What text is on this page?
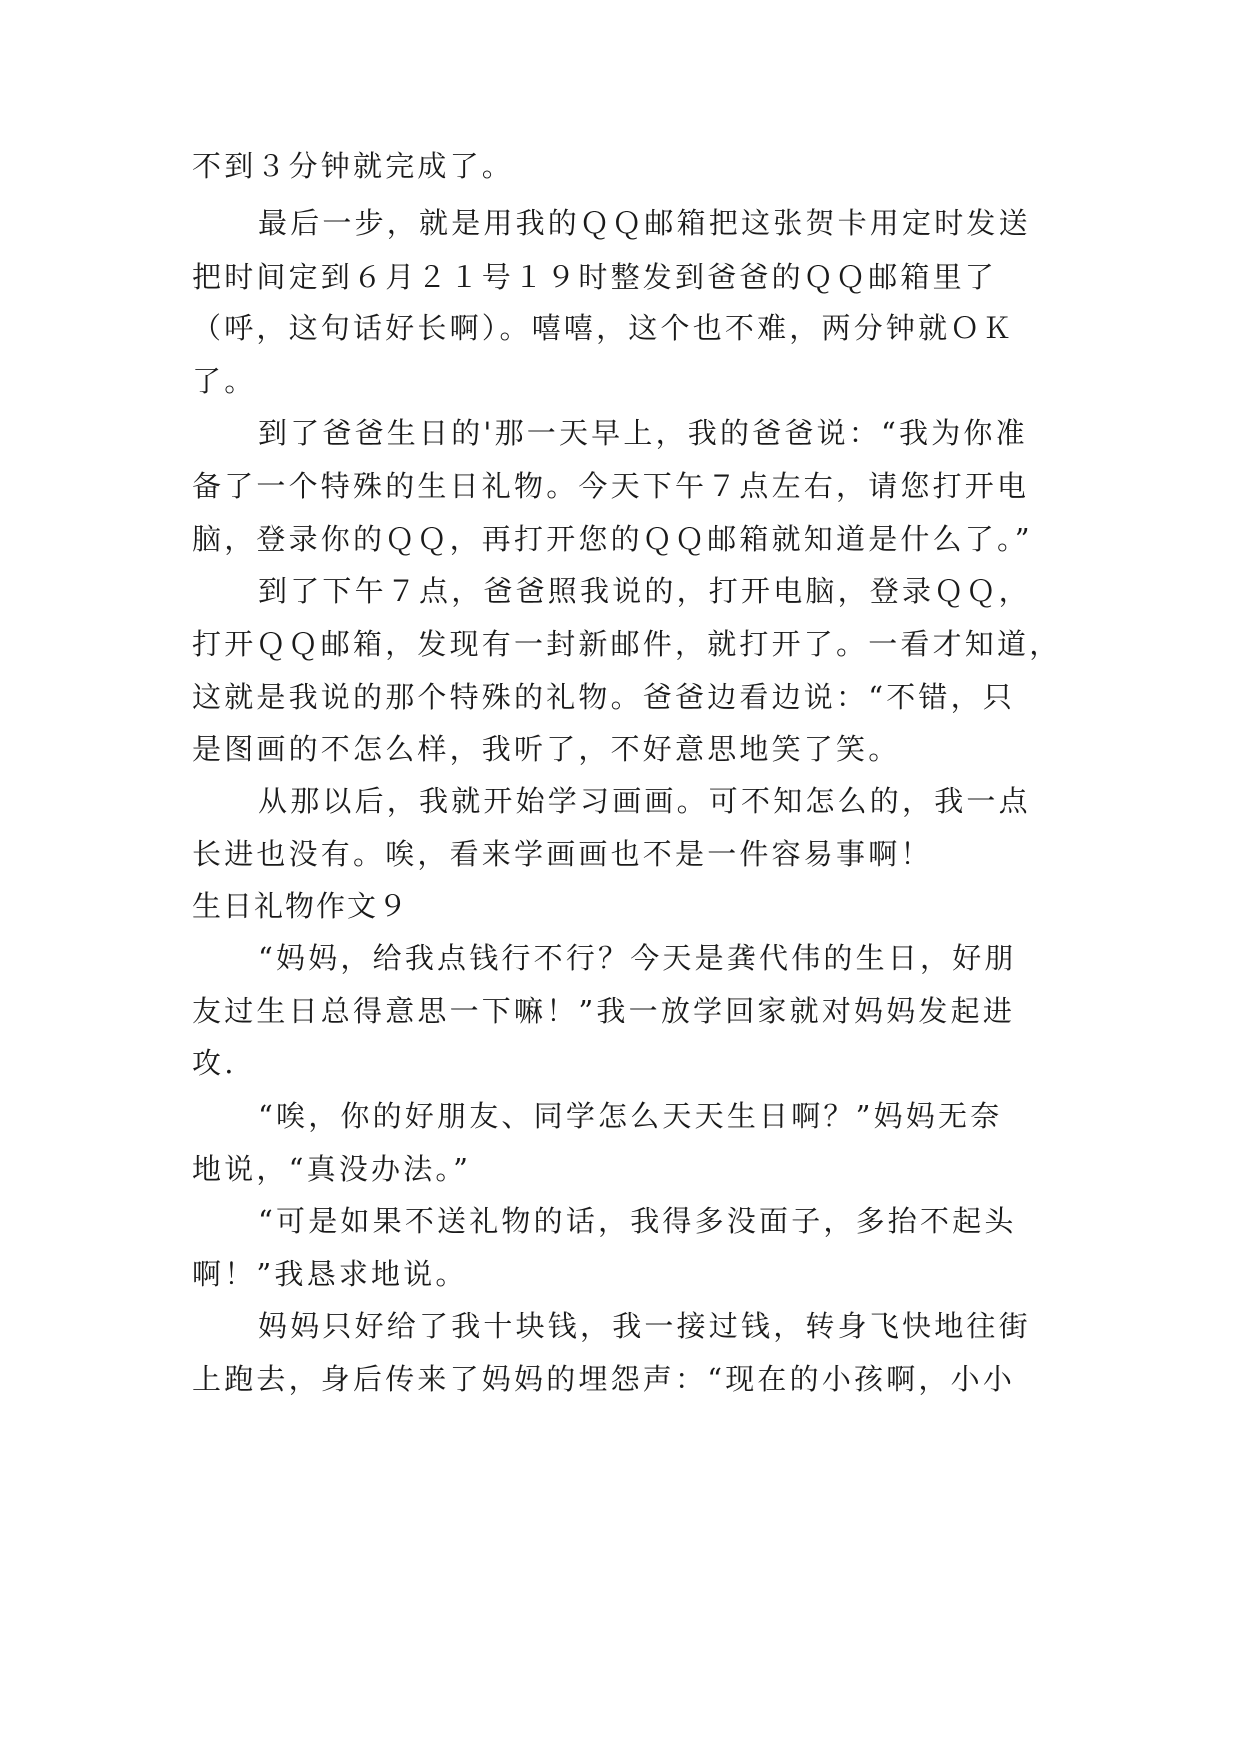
不到３分钟就完成了。
最后一步，就是用我的ＱＱ邮箱把这张贺卡用定时发送
把时间定到６月２１号１９时整发到爸爸的ＱＱ邮箱里了
（呼，这句话好长啊）。嘻嘻，这个也不难，两分钟就ＯＫ
了。
到了爸爸生日的'那一天早上，我的爸爸说：“我为你准
备了一个特殊的生日礼物。今天下午７点左右，请您打开电
脑，登录你的ＱＱ，再打开您的ＱＱ邮箱就知道是什么了。”
到了下午７点，爸爸照我说的，打开电脑，登录ＱＱ，
打开ＱＱ邮箱，发现有一封新邮件，就打开了。一看才知道，
这就是我说的那个特殊的礼物。爸爸边看边说：“不错，只
是图画的不怎么样，我听了，不好意思地笑了笑。
从那以后，我就开始学习画画。可不知怎么的，我一点
长进也没有。唉，看来学画画也不是一件容易事啊！
生日礼物作文９
“妈妈，给我点钱行不行？今天是龚代伟的生日，好朋
友过生日总得意思一下嘛！”我一放学回家就对妈妈发起进
攻.
“唉，你的好朋友、同学怎么天天生日啊？”妈妈无奈
地说，“真没办法。”
“可是如果不送礼物的话，我得多没面子，多抬不起头
啊！”我恳求地说。
妈妈只好给了我十块钱，我一接过钱，转身飞快地往街
上跑去，身后传来了妈妈的埋怨声：“现在的小孩啊，小小
